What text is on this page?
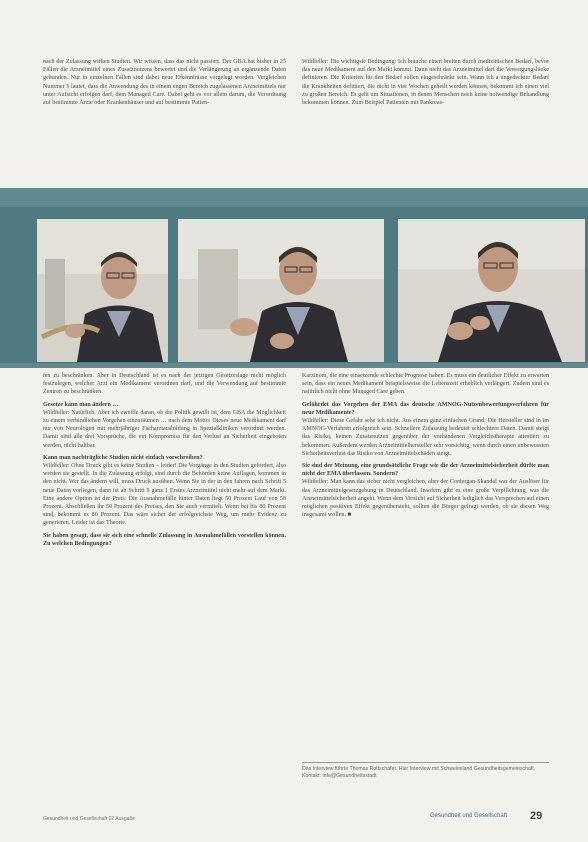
nach der Zulassung wirken Studien. Wir wissen, dass das nicht passiert. Der GBA hat bisher in 25 Fällen die Arzneimittel eines Zusatznutzens bewertet und die Verlängerung an ergänzende Daten gebunden. Nur in einzelnen Fällen sind dabei neue Erkenntnisse vorgelegt worden. Vergleichen Nummer 5 lautet, dass die Anwendung des in einem engen Bereich zugelassenen Arzneimittels nur unter Aufsicht erfolgen darf, dem Managed Care. Dabei geht es vor allem darum, die Verordnung auf bestimmte Ärzte oder Krankenhäuser und auf bestimmte Patien-

Wildfeller: Die wichtigste Bedingung: Ich brauche einen breiten durch medizinischen Bedarf, bevor das neue Medikament auf den Markt kommt. Dann nicht das Arzneimittel darf die Versorgungslücke definieren. Die Kriterien für den Bedarf sollen eingeschränkt sein. Wann ich a ungedeckter Bedarf die Krankheiten definiert, die nicht in vier Wochen geheilt werden können, bekommt ich einen viel zu großen Bereich. Es geht um Situationen, in denen Menschen noch keine notwendige Behandlung bekommen können. Zum Beispiel Patienten mit Pankreas-

ten zu beschränken. Aber in Deutschland ist es nach der jetzigen Gesetzeslage nicht möglich festzulegen, welcher Arzt ein Medikament verordnen darf, und die Verwendung auf bestimmte Zentren zu beschränken.

Gesetze kann man ändern …
Wildfeller: Natürlich. Aber ich zweifle daran, ob die Politik gewillt ist, dem GBA die Möglichkeit zu einem verbindlichen Vorgehen einzuräumen … nach dem Motto: Dieses neue Medikament darf nur von Neurologen mit mehrjähriger Facharztausbildung in Spezialkliniken verordnet werden. Damit sind alle drei Vorsprüche, die ein Kompromiss für den Verlust an Sicherheit eingeboten werden, nicht haltbar.

Kann man nachträgliche Studien nicht einfach vorschreiben?
Wildfeller: Ohne Druck gibt es keine Studien – leider! Die Vorgänge in den Studien gefordert, also werden sie gestellt. In die Zulassung erfolgt, sind durch die Behörden keine Auflagen, kommen in den nicht. Wer das ändern will, muss Druck ausüben. Wenn Sie in der in den Jahren nach Schritt 5 neue Daten vorliegen, dann ist ab Schritt 5 ganz 1 Erstes Arzneimittel nicht mehr auf dem Markt. Eine andere Option ist der Preis. Die Ausnahmefälle hinter Daten liegt 50 Prozent Lauf von 50 Prozent. Abschließen ihr 50 Prozent des Preises, den Sie auch vermitelt. Wenn bei bis 80 Prozent sind, bekommt es 80 Prozent. Das wäre sicher der erfolgreichste Weg, um mehr Evidenz zu generieren. Leider ist das Theorie.

Sie haben gesagt, dass sie sich eine schnelle Zulassung in Ausnahmefällen vorstellen können. Zu welchen Bedingungen?

Karzinom, die eine einsetzende schlechte Prognose haben. Es muss ein deutlicher Effekt zu erwarten sein, dass ein neues Medikament beispielsweise die Lebenszeit erheblich verlängert. Zudem sind es natürlich nicht ohne Managed Care geben.

Gefährdet das Vorgehen der EMA das deutsche AMNOG-Nutzenbewertungsverfahren für neue Medikamente?
Wildfeller: Diese Gefahr sehe ich nicht. Aus einem ganz einfachen Grund: Die Hersteller sind in im AMNOG-Verfahren erfolgreich sein. Schnellere Zulassung bedeutet schlechtere Daten. Damit steigt das Risiko, keinen Zusatznutzen gegenüber der vorhandenen Vergleichstherapie attestiert zu bekommen. Außerdem werden Arzneimittelhersteller sehr vorsichtig, wenn durch einen unbewussten Sicherheitsverlust das Risiko von Arzneimittelschäden steigt.

Sie sind der Meinung, eine grundsätzliche Frage wie die der Arzneimittelsicherheit dürfte man nicht der EMA überlassen. Sondern?
Wildfeller: Man kann das sicher nicht vergleichen, aber der Contergan-Skandal war der Auslöser für das Arzneimittelgesetzgebung in Deutschland. Insofern gibt es eine große Verpflichtung, was die Arzneimittelsicherheit angeht. Wenn dem Verzicht auf Sicherheit lediglich das Versprechen auf einen möglichen positiven Effekt gegenübersteht, sollten die Bürger gefragt werden, ob sie diesen Weg insgesamt wollen. ■

Das Interview führte Thomas Rottschäfer. Hier Interview mit Schweinsland Gesundheitsgemeinschaft. Kontakt: info@Gesundheitsstadt
Gesundheit und Gesellschaft 02 Ausgabe	Gesundheit und Gesellschaft 29
